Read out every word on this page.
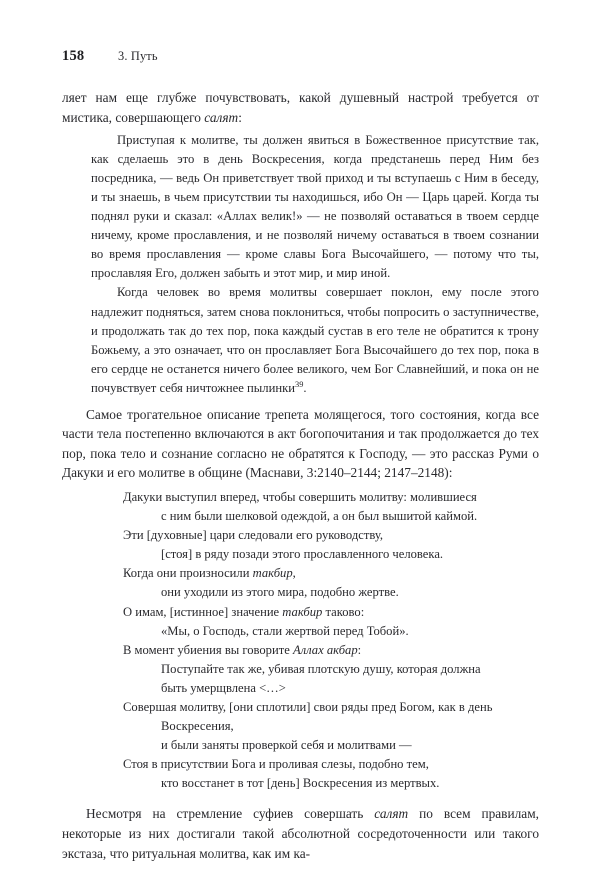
158	3. Путь

ляет нам еще глубже почувствовать, какой душевный настрой требуется от мистика, совершающего салят:

Приступая к молитве, ты должен явиться в Божественное присутствие так, как сделаешь это в день Воскресения, когда предстанешь перед Ним без посредника, — ведь Он приветствует твой приход и ты вступаешь с Ним в беседу, и ты знаешь, в чьем присутствии ты находишься, ибо Он — Царь царей. Когда ты поднял руки и сказал: «Аллах велик!» — не позволяй оставаться в твоем сердце ничему, кроме прославления, и не позволяй ничему оставаться в твоем сознании во время прославления — кроме славы Бога Высочайшего, — потому что ты, прославляя Его, должен забыть и этот мир, и мир иной.

Когда человек во время молитвы совершает поклон, ему после этого надлежит подняться, затем снова поклониться, чтобы попросить о заступничестве, и продолжать так до тех пор, пока каждый сустав в его теле не обратится к трону Божьему, а это означает, что он прославляет Бога Высочайшего до тех пор, пока в его сердце не останется ничего более великого, чем Бог Славнейший, и пока он не почувствует себя ничтожнее пылинки$^{39}$.

Самое трогательное описание трепета молящегося, того состояния, когда все части тела постепенно включаются в акт богопочитания и так продолжается до тех пор, пока тело и сознание согласно не обратятся к Господу, — это рассказ Руми о Дакуки и его молитве в общине (Маснави, 3:2140–2144; 2147–2148):

Дакуки выступил вперед, чтобы совершить молитву: молившиеся
с ним были шелковой одеждой, а он был вышитой каймой.
Эти [духовные] цари следовали его руководству,
[стоя] в ряду позади этого прославленного человека.
Когда они произносили такбир,
они уходили из этого мира, подобно жертве.
О имам, [истинное] значение такбир таково:
«Мы, о Господь, стали жертвой перед Тобой».
В момент убиения вы говорите Аллах акбар:
Поступайте так же, убивая плотскую душу, которая должна
быть умерщвлена <…>
Совершая молитву, [они сплотили] свои ряды пред Богом, как в день
Воскресения,
и были заняты проверкой себя и молитвами —
Стоя в присутствии Бога и проливая слезы, подобно тем,
кто восстанет в тот [день] Воскресения из мертвых.

Несмотря на стремление суфиев совершать салят по всем правилам, некоторые из них достигали такой абсолютной сосредоточенности или такого экстаза, что ритуальная молитва, как им ка-
